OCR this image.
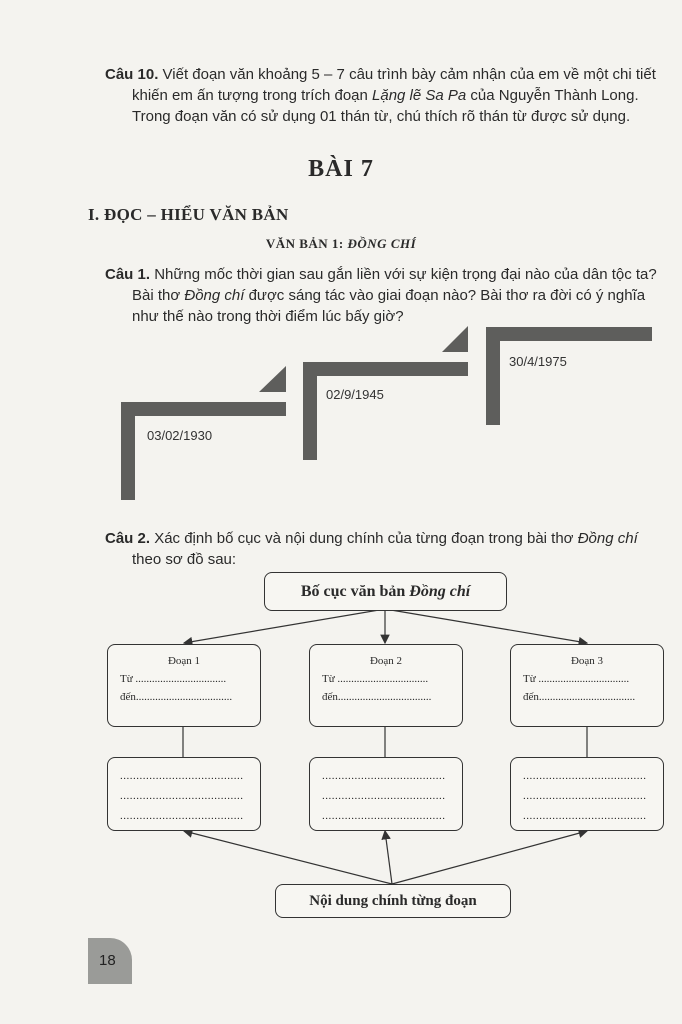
Câu 10. Viết đoạn văn khoảng 5 – 7 câu trình bày cảm nhận của em về một chi tiết
khiến em ấn tượng trong trích đoạn Lặng lẽ Sa Pa của Nguyễn Thành Long.
Trong đoạn văn có sử dụng 01 thán từ, chú thích rõ thán từ được sử dụng.
BÀI 7
I. ĐỌC – HIỂU VĂN BẢN
VĂN BẢN 1: ĐỒNG CHÍ
Câu 1. Những mốc thời gian sau gắn liền với sự kiện trọng đại nào của dân tộc ta?
Bài thơ Đồng chí được sáng tác vào giai đoạn nào? Bài thơ ra đời có ý nghĩa
như thế nào trong thời điểm lúc bấy giờ?
03/02/1930
02/9/1945
30/4/1975
Câu 2. Xác định bố cục và nội dung chính của từng đoạn trong bài thơ Đồng chí
theo sơ đồ sau:
Bố cục văn bản Đồng chí
Đoạn 1
Từ .................................
đến...................................
Đoạn 2
Từ .................................
đến..................................
Đoạn 3
Từ .................................
đến...................................
......................................
......................................
......................................
......................................
......................................
......................................
......................................
......................................
......................................
Nội dung chính từng đoạn
18
